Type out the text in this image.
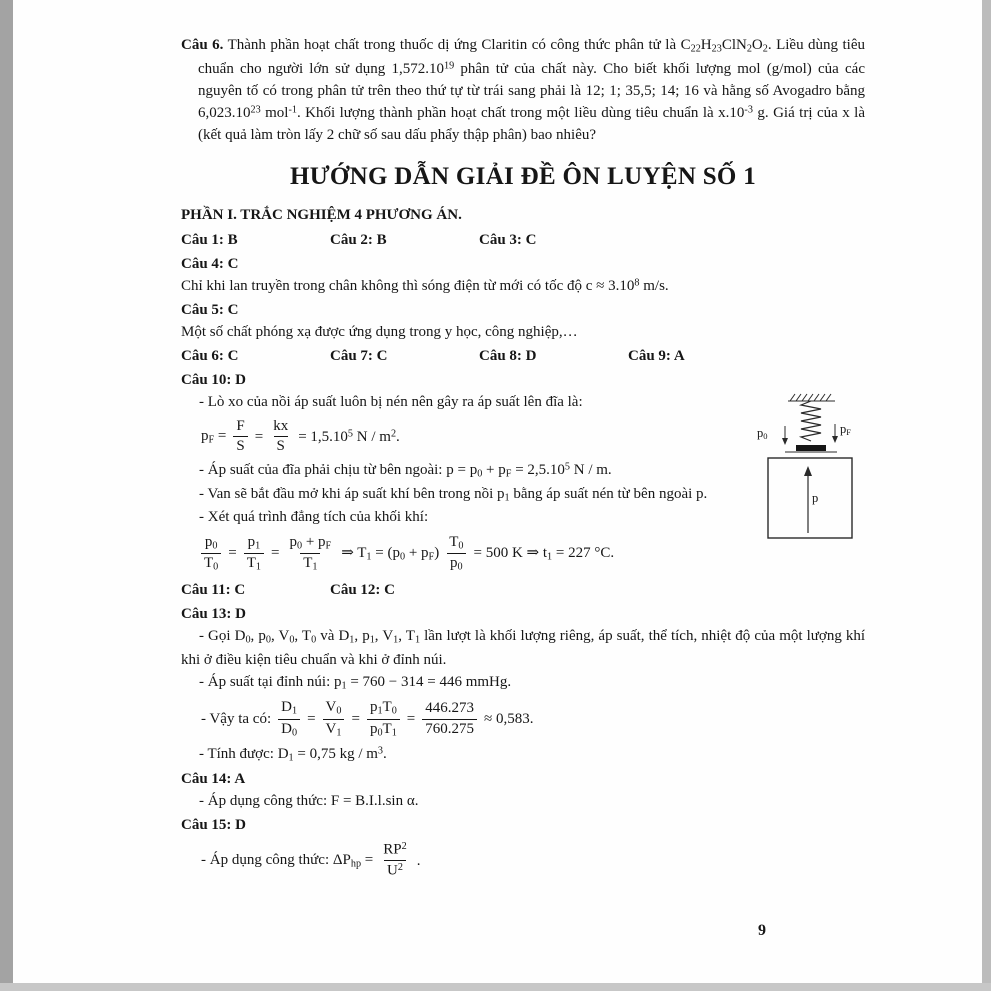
Câu 6. Thành phần hoạt chất trong thuốc dị ứng Claritin có công thức phân tử là $C_{22}H_{23}ClN_2O_2$. Liều dùng tiêu chuẩn cho người lớn sử dụng 1,572.10$^{19}$ phân tử của chất này. Cho biết khối lượng mol (g/mol) của các nguyên tố có trong phân tử trên theo thứ tự từ trái sang phải là 12; 1; 35,5; 14; 16 và hằng số Avogadro bằng 6,023.10$^{23}$ mol$^{-1}$. Khối lượng thành phần hoạt chất trong một liều dùng tiêu chuẩn là $x.10^{-3}$ g. Giá trị của x là (kết quả làm tròn lấy 2 chữ số sau dấu phẩy thập phân) bao nhiêu?

HƯỚNG DẪN GIẢI ĐỀ ÔN LUYỆN SỐ 1
PHẦN I. TRẮC NGHIỆM 4 PHƯƠNG ÁN.
Câu 1: B	Câu 2: B	Câu 3: C
Câu 4: C

Chỉ khi lan truyền trong chân không thì sóng điện từ mới có tốc độ $c \approx 3.10^8$ m/s.

Câu 5: C

Một số chất phóng xạ được ứng dụng trong y học, công nghiệp,…

Câu 6: C	Câu 7: C	Câu 8: D	Câu 9: A
Câu 10: D
$p_0$
$p_F$
p

- Lò xo của nồi áp suất luôn bị nén nên gây ra áp suất lên đĩa là:

$p_F = \frac{F}{S} = \frac{kx}{S} = 1,5.10^5$ N / $m^2$.

- Áp suất của đĩa phải chịu từ bên ngoài: $p = p_0 + p_F = 2,5.10^5$ N / m.

- Van sẽ bắt đầu mở khi áp suất khí bên trong nồi $p_1$ bằng áp suất nén từ bên ngoài p.

- Xét quá trình đẳng tích của khối khí:

$\frac{p_0}{T_0} = \frac{p_1}{T_1} = \frac{p_0 + p_F}{T_1}$ ⇒ $T_1 = (p_0 + p_F) \frac{T_0}{p_0} = 500$ K ⇒ $t_1 = 227$ °C.
Câu 11: C	Câu 12: C
Câu 13: D

- Gọi $D_0$, $p_0$, $V_0$, $T_0$ và $D_1$, $p_1$, $V_1$, $T_1$ lần lượt là khối lượng riêng, áp suất, thể tích, nhiệt độ của một lượng khí khi ở điều kiện tiêu chuẩn và khi ở đỉnh núi.

- Áp suất tại đỉnh núi: $p_1 = 760 - 314 = 446$ mmHg.

- Vậy ta có: $\frac{D_1}{D_0} = \frac{V_0}{V_1} = \frac{p_1T_0}{p_0T_1} = \frac{446.273}{760.275} \approx 0,583$.

- Tính được: $D_1 = 0,75$ kg / $m^3$.

Câu 14: A

- Áp dụng công thức: F = B.I.l.sin α.

Câu 15: D
- Áp dụng công thức: $\Delta P_{hp} = \frac{RP^2}{U^2}$ .
9
